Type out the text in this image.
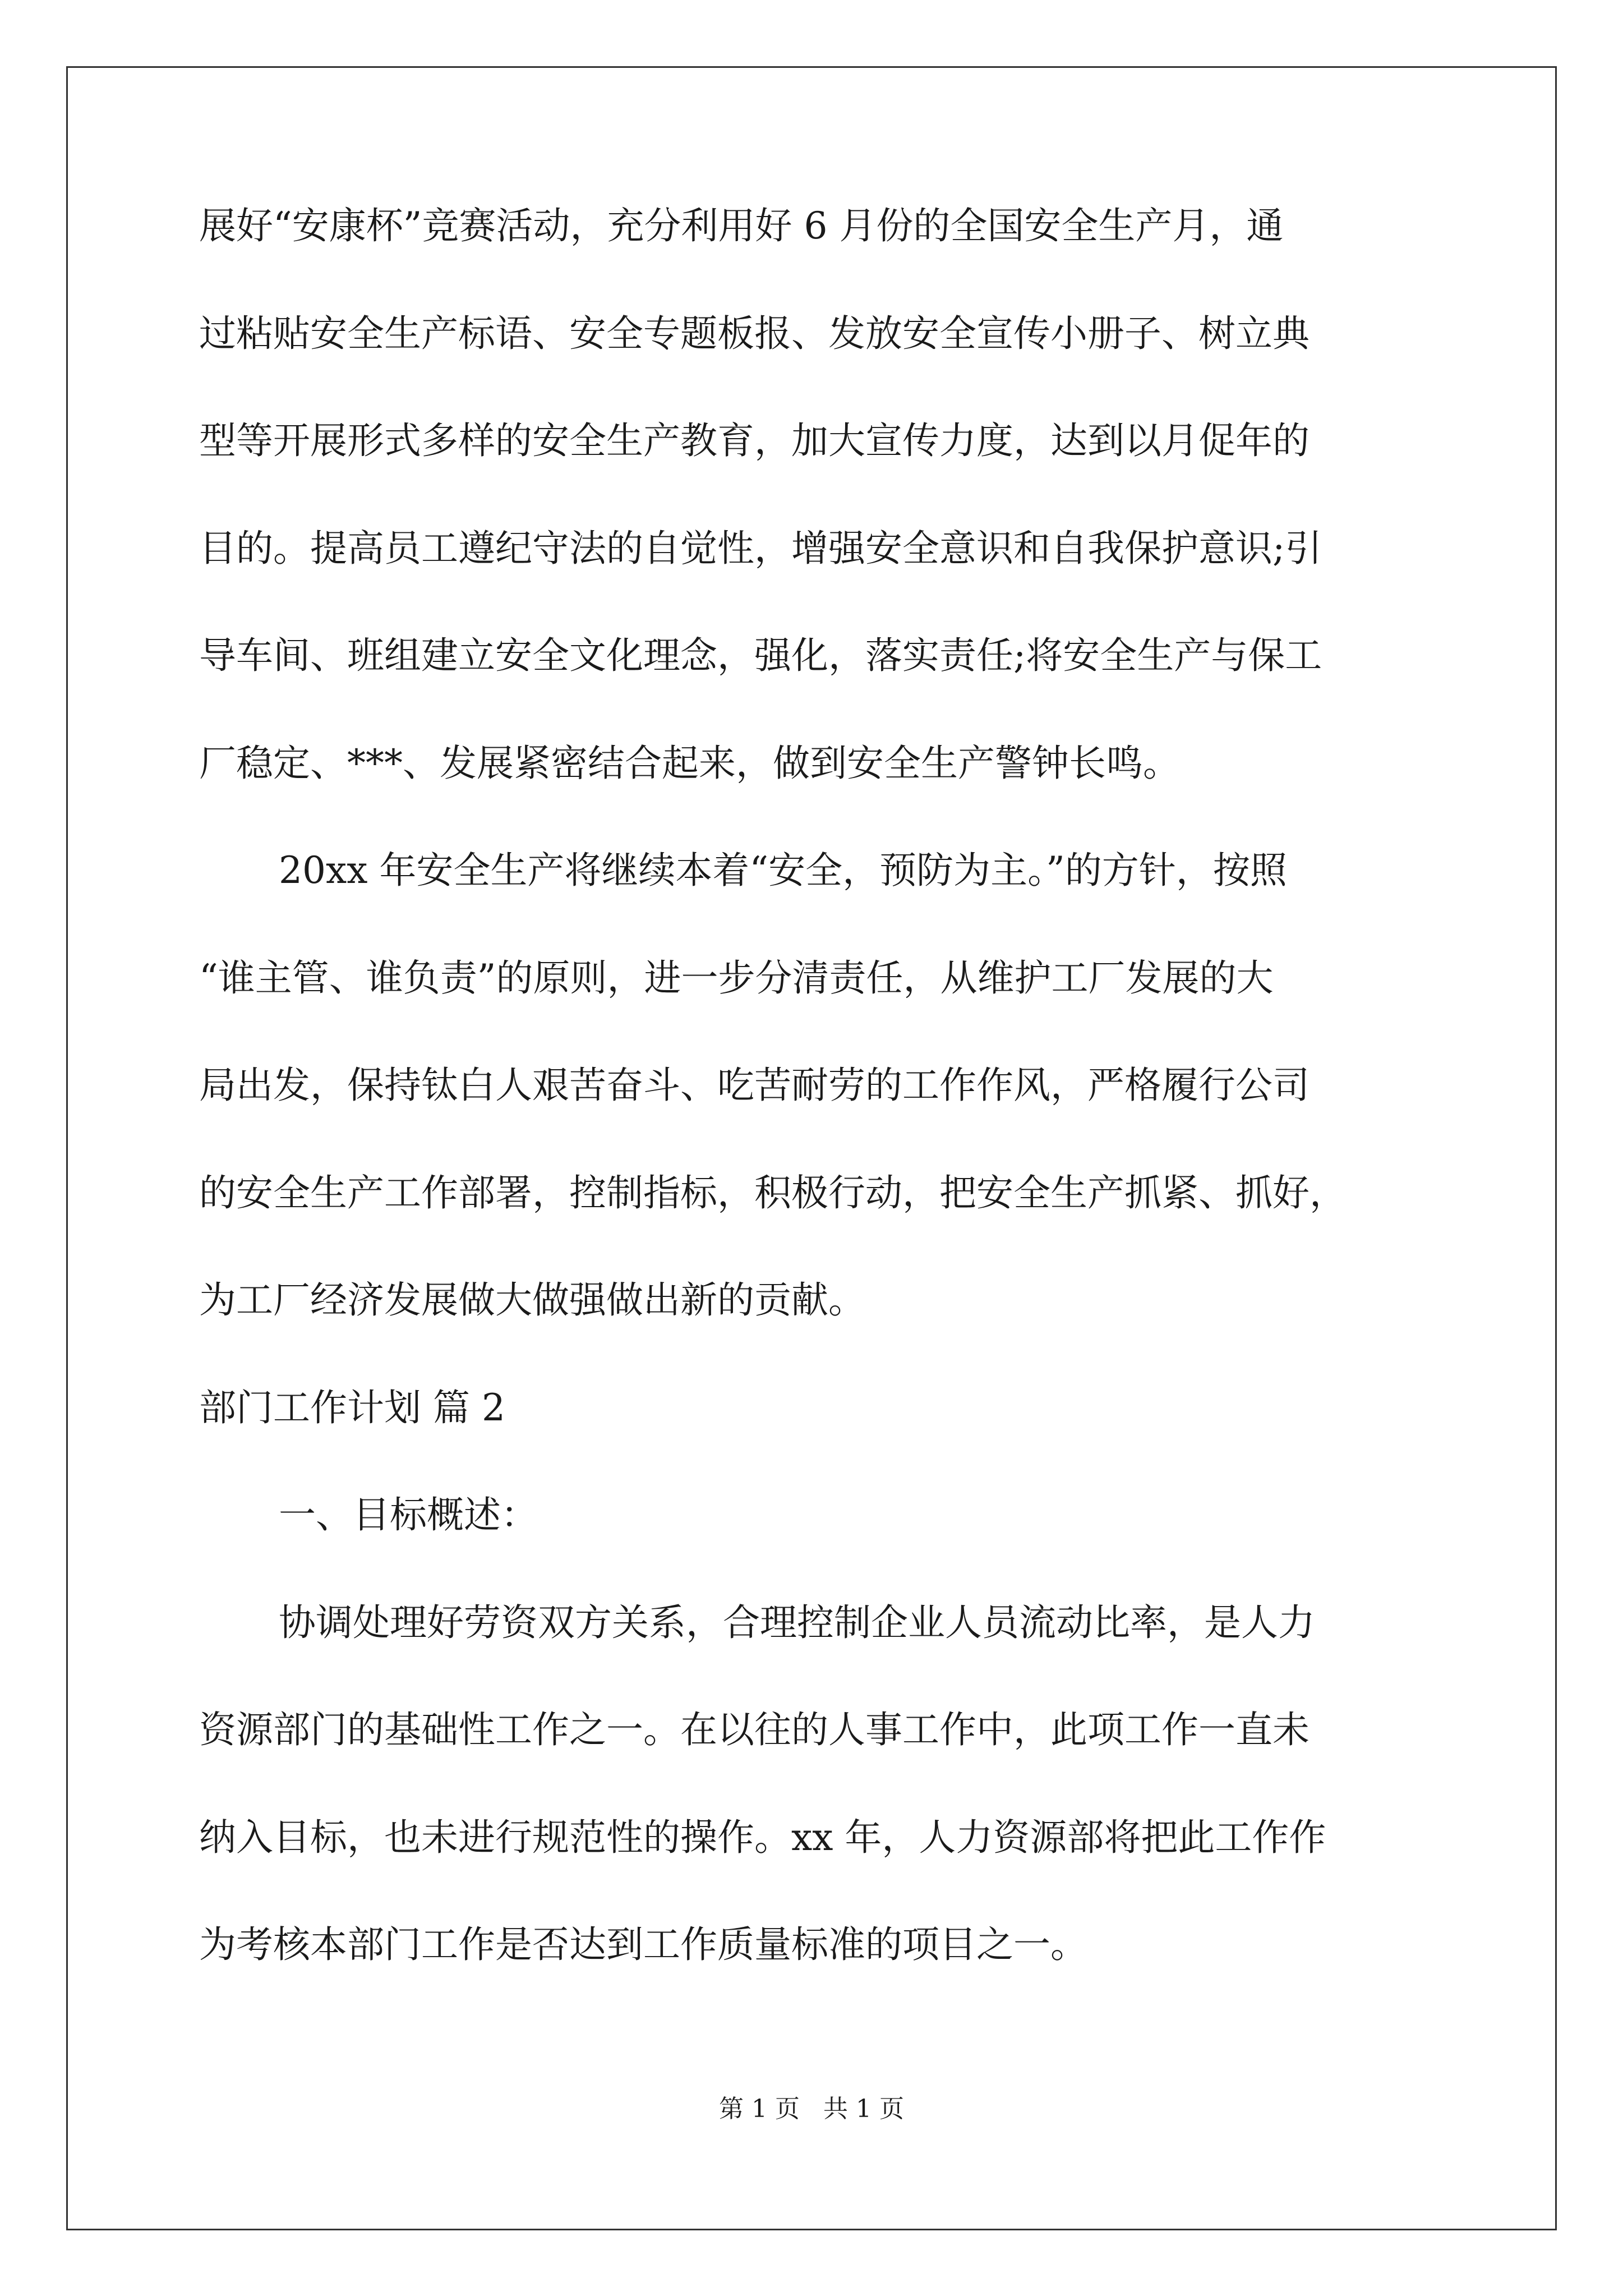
展好“安康杯”竞赛活动，充分利用好 6 月份的全国安全生产月，通
过粘贴安全生产标语、安全专题板报、发放安全宣传小册子、树立典
型等开展形式多样的安全生产教育，加大宣传力度，达到以月促年的
目的。提高员工遵纪守法的自觉性，增强安全意识和自我保护意识;引
导车间、班组建立安全文化理念，强化，落实责任;将安全生产与保工
厂稳定、***、发展紧密结合起来，做到安全生产警钟长鸣。
20xx 年安全生产将继续本着“安全，预防为主。”的方针，按照
“谁主管、谁负责”的原则，进一步分清责任，从维护工厂发展的大
局出发，保持钛白人艰苦奋斗、吃苦耐劳的工作作风，严格履行公司
的安全生产工作部署，控制指标，积极行动，把安全生产抓紧、抓好，
为工厂经济发展做大做强做出新的贡献。
部门工作计划 篇 2
一、目标概述：
协调处理好劳资双方关系，合理控制企业人员流动比率，是人力
资源部门的基础性工作之一。在以往的人事工作中，此项工作一直未
纳入目标，也未进行规范性的操作。xx 年，人力资源部将把此工作作
为考核本部门工作是否达到工作质量标准的项目之一。
第 1 页   共 1 页
